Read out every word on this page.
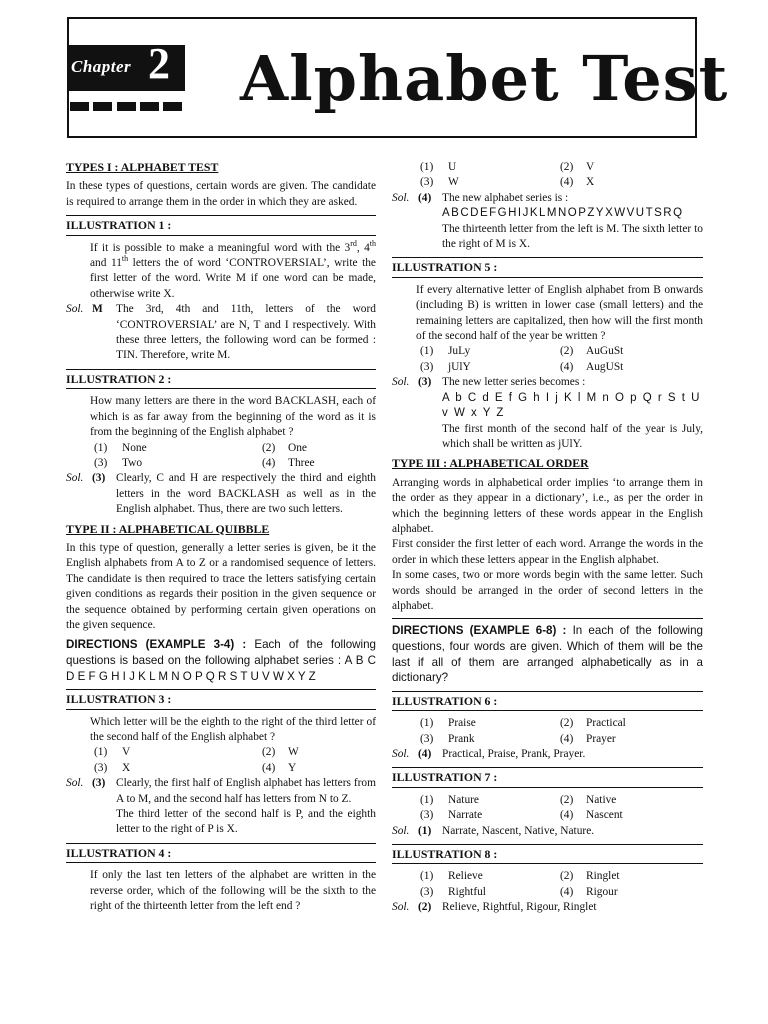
Chapter 2 Alphabet Test
TYPES I : ALPHABET TEST

In these types of questions, certain words are given. The candidate is required to arrange them in the order in which they are asked.

ILLUSTRATION 1 :

If it is possible to make a meaningful word with the 3rd, 4th and 11th letters the of word ‘CONTROVERSIAL’, write the first letter of the word. Write M if one word can be made, otherwise write X.

Sol. M	The 3rd, 4th and 11th, letters of the word ‘CONTROVERSIAL’ are N, T and I respectively. With these three letters, the following word can be formed : TIN. Therefore, write M.
ILLUSTRATION 2 :

How many letters are there in the word BACKLASH, each of which is as far away from the beginning of the word as it is from the beginning of the English alphabet ?

(1)	None	(2)	One
(3)	Two	(4)	Three
Sol. (3) Clearly, C and H are respectively the third and eighth letters in the word BACKLASH as well as in the English alphabet. Thus, there are two such letters.
TYPE II : ALPHABETICAL QUIBBLE

In this type of question, generally a letter series is given, be it the English alphabets from A to Z or a randomised sequence of letters. The candidate is then required to trace the letters satisfying certain given conditions as regards their position in the given sequence or the sequence obtained by performing certain given operations on the given sequence.

DIRECTIONS (EXAMPLE 3-4) : Each of the following questions is based on the following alphabet series : A B C D E F G H I J K L M N O P Q R S T U V W X Y Z

ILLUSTRATION 3 :

Which letter will be the eighth to the right of the third letter of the second half of the English alphabet ?

(1)	V	(2)	W
(3)	X	(4)	Y
Sol. (3) Clearly, the first half of English alphabet has letters from A to M, and the second half has letters from N to Z.
The third letter of the second half is P, and the eighth letter to the right of P is X.
ILLUSTRATION 4 :

If only the last ten letters of the alphabet are written in the reverse order, which of the following will be the sixth to the right of the thirteenth letter from the left end ?

(1)	U	(2)	V
(3)	W	(4)	X
Sol. (4) The new alphabet series is :
ABCDEFGHIJKLMNOPZYXWVUTSRQ
The thirteenth letter from the left is M. The sixth letter to the right of M is X.
ILLUSTRATION 5 :

If every alternative letter of English alphabet from B onwards (including B) is written in lower case (small letters) and the remaining letters are capitalized, then how will the first month of the second half of the year be written ?

(1)	JuLy	(2)	AuGuSt
(3)	jUlY	(4)	AugUSt
Sol. (3) The new letter series becomes :
A b C d E f G h I j K l M n O p Q r S t U v W x Y Z
The first month of the second half of the year is July, which shall be written as jUlY.
TYPE III : ALPHABETICAL ORDER

Arranging words in alphabetical order implies ‘to arrange them in the order as they appear in a dictionary’, i.e., as per the order in which the beginning letters of these words appear in the English alphabet.

First consider the first letter of each word. Arrange the words in the order in which these letters appear in the English alphabet.

In some cases, two or more words begin with the same letter. Such words should be arranged in the order of second letters in the alphabet.

DIRECTIONS (EXAMPLE 6-8) : In each of the following questions, four words are given. Which of them will be the last if all of them are arranged alphabetically as in a dictionary?

ILLUSTRATION 6 :
(1)	Praise	(2)	Practical
(3)	Prank	(4)	Prayer
Sol. (4) Practical, Praise, Prank, Prayer.
ILLUSTRATION 7 :
(1)	Nature	(2)	Native
(3)	Narrate	(4)	Nascent
Sol. (1) Narrate, Nascent, Native, Nature.
ILLUSTRATION 8 :
(1)	Relieve	(2)	Ringlet
(3)	Rightful	(4)	Rigour
Sol. (2) Relieve, Rightful, Rigour, Ringlet
